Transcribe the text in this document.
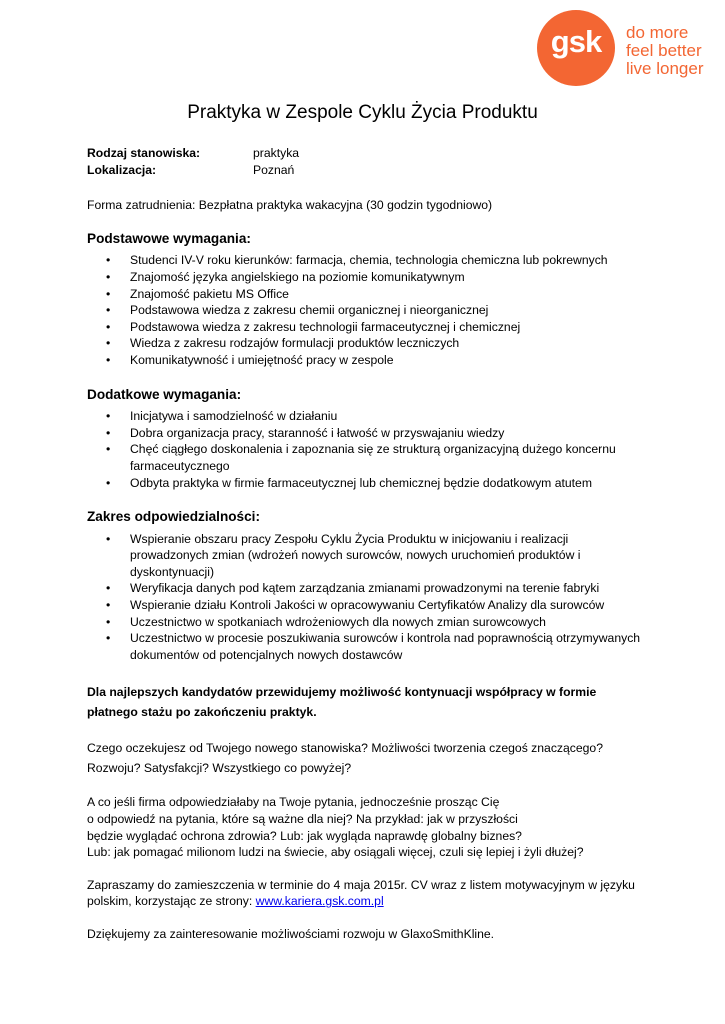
gsk	do more
feel better
live longer
Praktyka w Zespole Cyklu Życia Produktu
Rodzaj stanowiska:	praktyka
Lokalizacja:	Poznań

Forma zatrudnienia: Bezpłatna praktyka wakacyjna (30 godzin tygodniowo)

Podstawowe wymagania:

• Studenci IV-V roku kierunków: farmacja, chemia, technologia chemiczna lub pokrewnych
• Znajomość języka angielskiego na poziomie komunikatywnym
• Znajomość pakietu MS Office
• Podstawowa wiedza z zakresu chemii organicznej i nieorganicznej
• Podstawowa wiedza z zakresu technologii farmaceutycznej i chemicznej
• Wiedza z zakresu rodzajów formulacji produktów leczniczych
• Komunikatywność i umiejętność pracy w zespole

Dodatkowe wymagania:

• Inicjatywa i samodzielność w działaniu
• Dobra organizacja pracy, staranność i łatwość w przyswajaniu wiedzy
• Chęć ciągłego doskonalenia i zapoznania się ze strukturą organizacyjną dużego koncernu farmaceutycznego
• Odbyta praktyka w firmie farmaceutycznej lub chemicznej będzie dodatkowym atutem

Zakres odpowiedzialności:

• Wspieranie obszaru pracy Zespołu Cyklu Życia Produktu w inicjowaniu i realizacji prowadzonych zmian (wdrożeń nowych surowców, nowych uruchomień produktów i dyskontynuacji)
• Weryfikacja danych pod kątem zarządzania zmianami prowadzonymi na terenie fabryki
• Wspieranie działu Kontroli Jakości w opracowywaniu Certyfikatów Analizy dla surowców
• Uczestnictwo w spotkaniach wdrożeniowych dla nowych zmian surowcowych
• Uczestnictwo w procesie poszukiwania surowców i kontrola nad poprawnością otrzymywanych dokumentów od potencjalnych nowych dostawców

Dla najlepszych kandydatów przewidujemy możliwość kontynuacji współpracy w formie płatnego stażu po zakończeniu praktyk.

Czego oczekujesz od Twojego nowego stanowiska? Możliwości tworzenia czegoś znaczącego? Rozwoju? Satysfakcji? Wszystkiego co powyżej?

A co jeśli firma odpowiedziałaby na Twoje pytania, jednocześnie prosząc Cię
o odpowiedź na pytania, które są ważne dla niej? Na przykład: jak w przyszłości
będzie wyglądać ochrona zdrowia? Lub: jak wygląda naprawdę globalny biznes?
Lub: jak pomagać milionom ludzi na świecie, aby osiągali więcej, czuli się lepiej i żyli dłużej?

Zapraszamy do zamieszczenia w terminie do 4 maja 2015r. CV wraz z listem motywacyjnym w języku polskim, korzystając ze strony: www.kariera.gsk.com.pl

Dziękujemy za zainteresowanie możliwościami rozwoju w GlaxoSmithKline.
